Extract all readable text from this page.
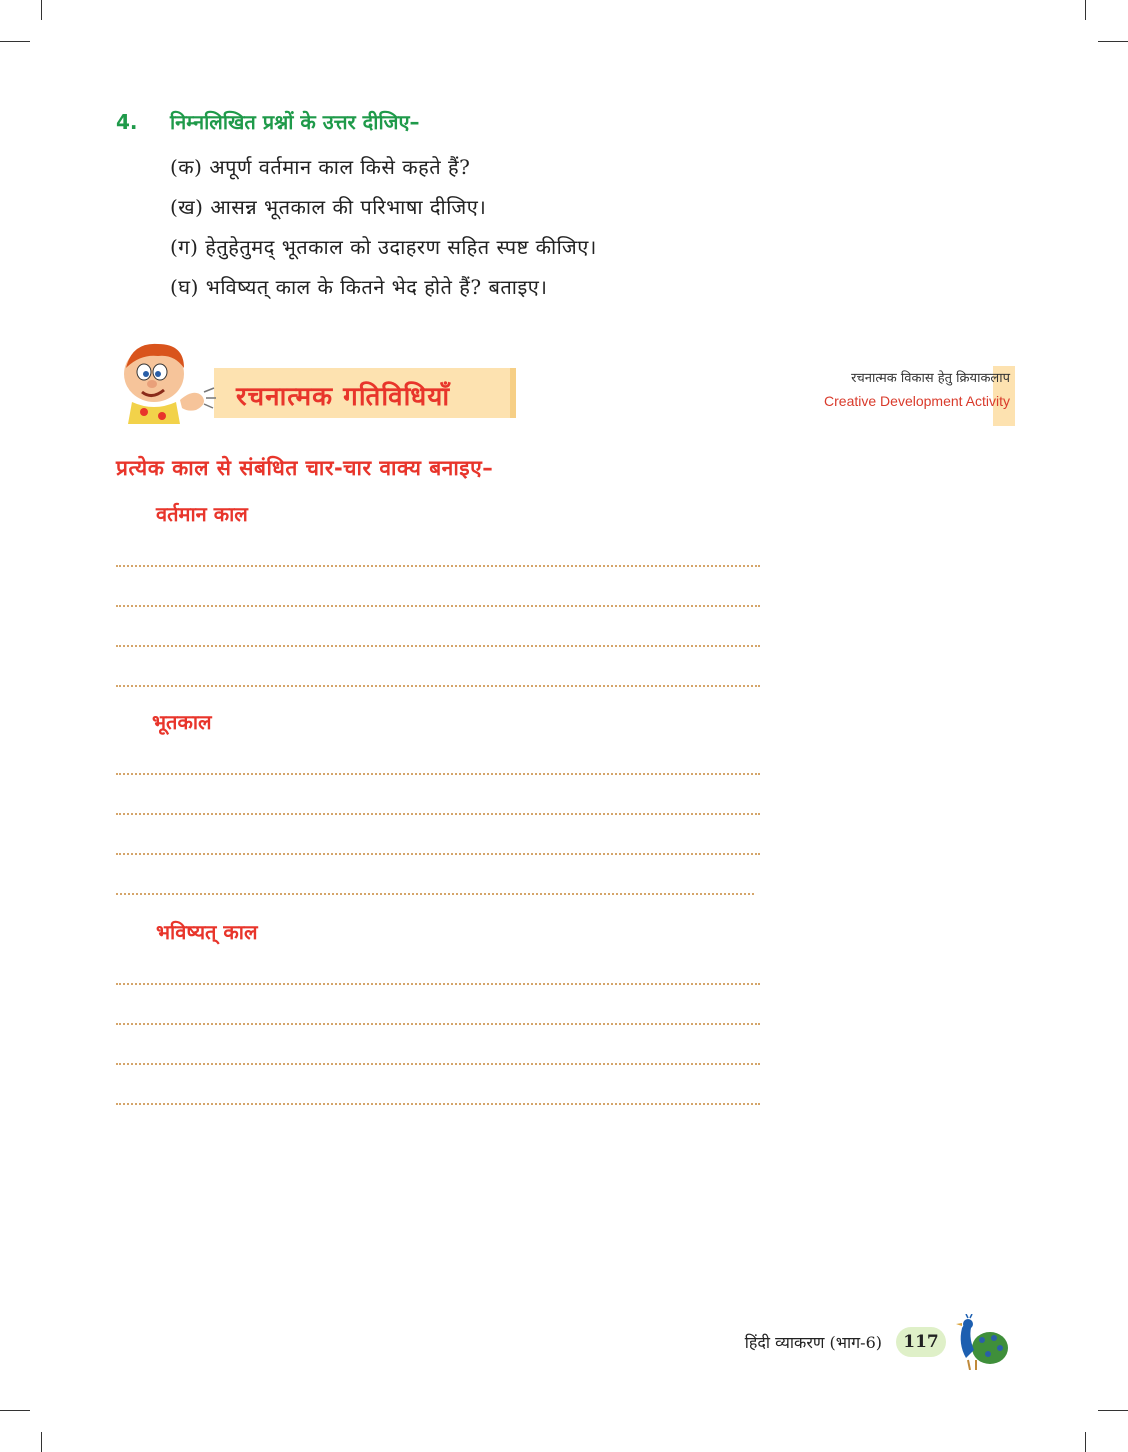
4.	निम्नलिखित प्रश्नों के उत्तर दीजिए–
(क) अपूर्ण वर्तमान काल किसे कहते हैं?
(ख) आसन्न भूतकाल की परिभाषा दीजिए।
(ग) हेतुहेतुमद् भूतकाल को उदाहरण सहित स्पष्ट कीजिए।
(घ) भविष्यत् काल के कितने भेद होते हैं? बताइए।
रचनात्मक गतिविधियाँ
रचनात्मक विकास हेतु क्रियाकलाप
Creative Development Activity
प्रत्येक काल से संबंधित चार-चार वाक्य बनाइए–
वर्तमान काल
भूतकाल
भविष्यत् काल
हिंदी व्याकरण (भाग-6)	117
